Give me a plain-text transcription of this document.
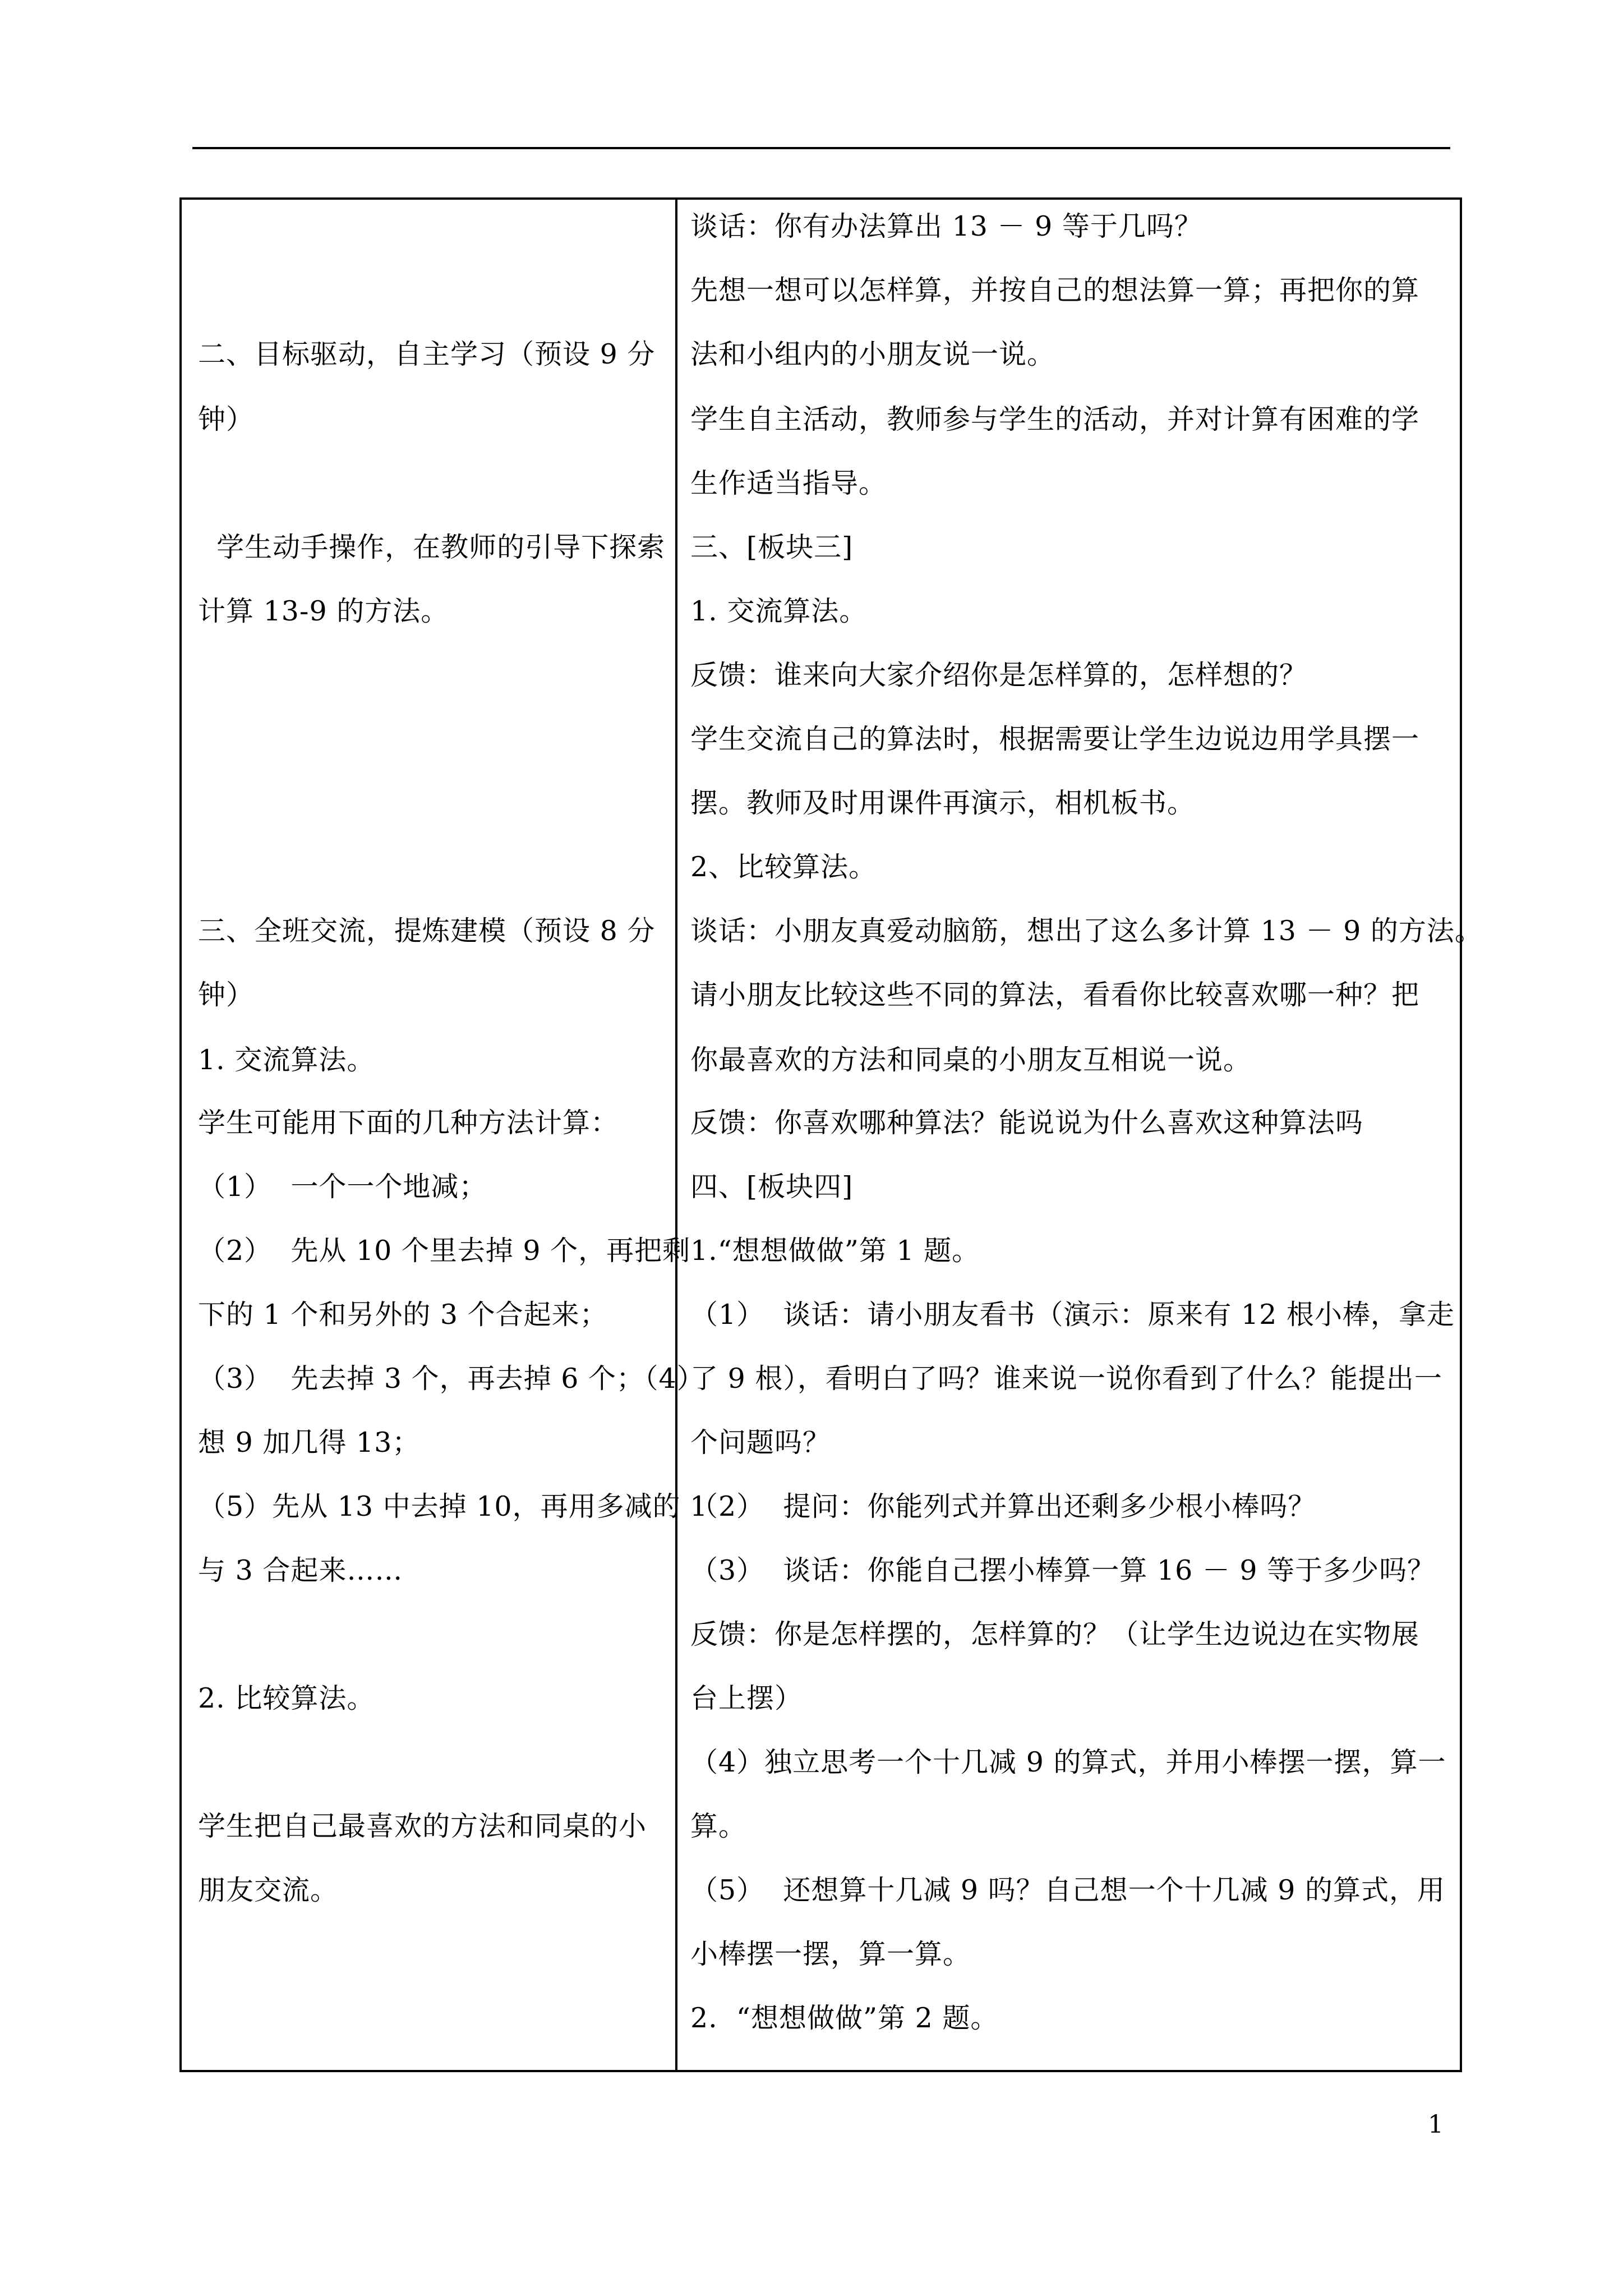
二、目标驱动，自主学习（预设 9 分
钟）
学生动手操作，在教师的引导下探索
计算 13-9 的方法。
三、全班交流，提炼建模（预设 8 分
钟）
1. 交流算法。
学生可能用下面的几种方法计算：
（1）  一个一个地减；
（2）  先从 10 个里去掉 9 个，再把剩
下的 1 个和另外的 3 个合起来；
（3）  先去掉 3 个，再去掉 6 个；（4）
想 9 加几得 13；
（5）先从 13 中去掉 10，再用多减的 1
与 3 合起来……
2. 比较算法。
学生把自己最喜欢的方法和同桌的小
朋友交流。
谈话：你有办法算出 13 － 9 等于几吗？
先想一想可以怎样算，并按自己的想法算一算；再把你的算
法和小组内的小朋友说一说。
学生自主活动，教师参与学生的活动，并对计算有困难的学
生作适当指导。
三、[板块三]
1. 交流算法。
反馈：谁来向大家介绍你是怎样算的，怎样想的？
学生交流自己的算法时，根据需要让学生边说边用学具摆一
摆。教师及时用课件再演示，相机板书。
2、比较算法。
谈话：小朋友真爱动脑筋，想出了这么多计算 13 － 9 的方法。
请小朋友比较这些不同的算法，看看你比较喜欢哪一种？把
你最喜欢的方法和同桌的小朋友互相说一说。
反馈：你喜欢哪种算法？能说说为什么喜欢这种算法吗
四、[板块四]
1.“想想做做”第 1 题。
（1）  谈话：请小朋友看书（演示：原来有 12 根小棒，拿走
了 9 根），看明白了吗？谁来说一说你看到了什么？能提出一
个问题吗？
（2）  提问：你能列式并算出还剩多少根小棒吗？
（3）  谈话：你能自己摆小棒算一算 16 － 9 等于多少吗？
反馈：你是怎样摆的，怎样算的？（让学生边说边在实物展
台上摆）
（4）独立思考一个十几减 9 的算式，并用小棒摆一摆，算一
算。
（5）  还想算十几减 9 吗？自己想一个十几减 9 的算式，用
小棒摆一摆，算一算。
2.  “想想做做”第 2 题。
1
